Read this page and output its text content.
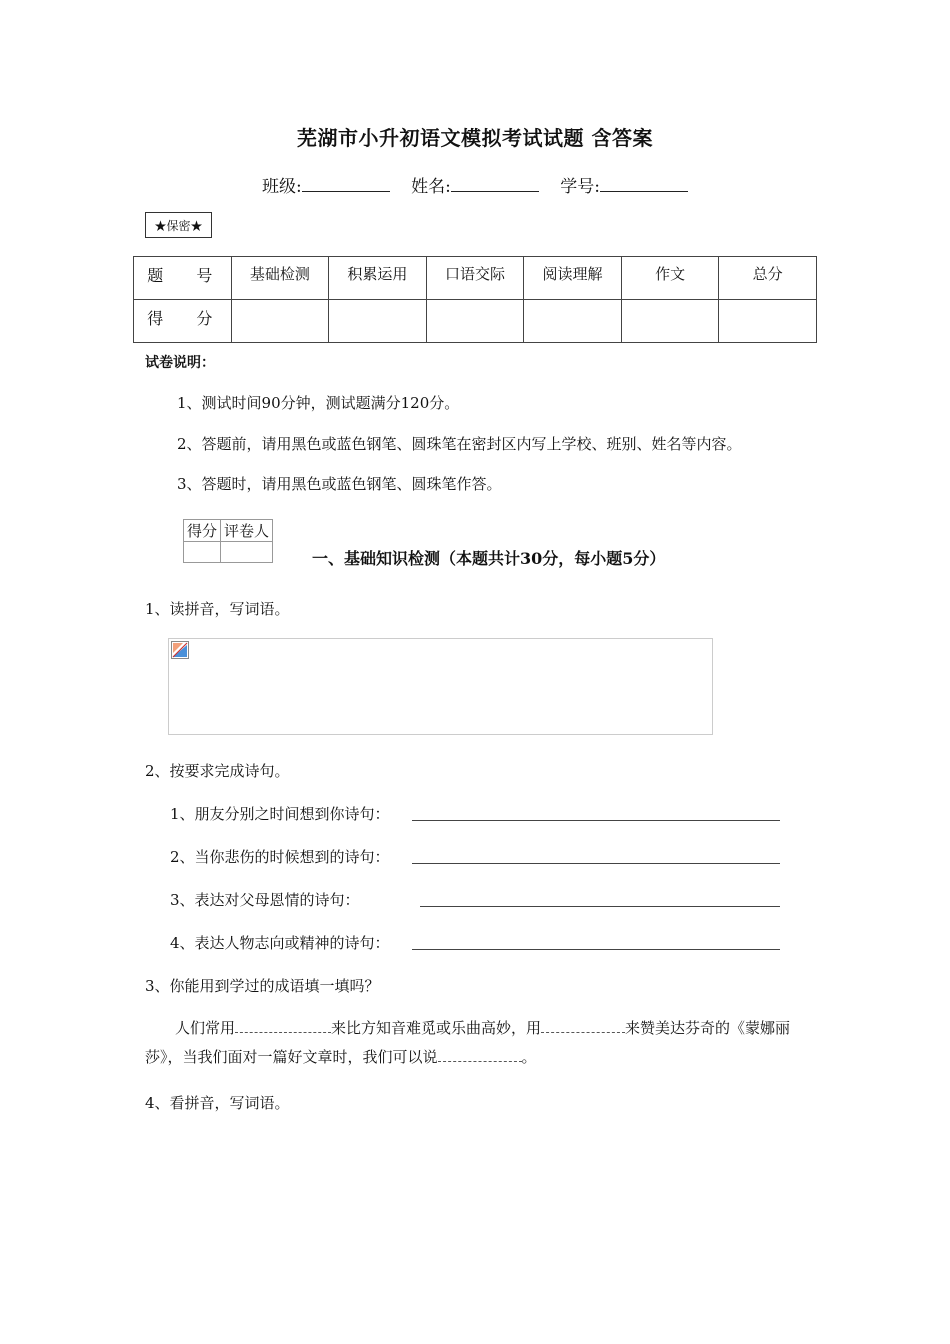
芜湖市小升初语文模拟考试试题 含答案
班级:	姓名:	学号:
★保密★
题 号	基础检测	积累运用	口语交际	阅读理解	作文	总分
得 分						
试卷说明：
1、测试时间90分钟，测试题满分120分。
2、答题前，请用黑色或蓝色钢笔、圆珠笔在密封区内写上学校、班别、姓名等内容。
3、答题时，请用黑色或蓝色钢笔、圆珠笔作答。
得分	评卷人

一、基础知识检测（本题共计30分，每小题5分）
1、读拼音，写词语。
2、按要求完成诗句。
1、朋友分别之时间想到你诗句：
2、当你悲伤的时候想到的诗句：
3、表达对父母恩情的诗句：
4、表达人物志向或精神的诗句：
3、你能用到学过的成语填一填吗？
人们常用	来比方知音难觅或乐曲高妙，用	来赞美达芬奇的《蒙娜丽莎》，当我们面对一篇好文章时，我们可以说	。
4、看拼音，写词语。
